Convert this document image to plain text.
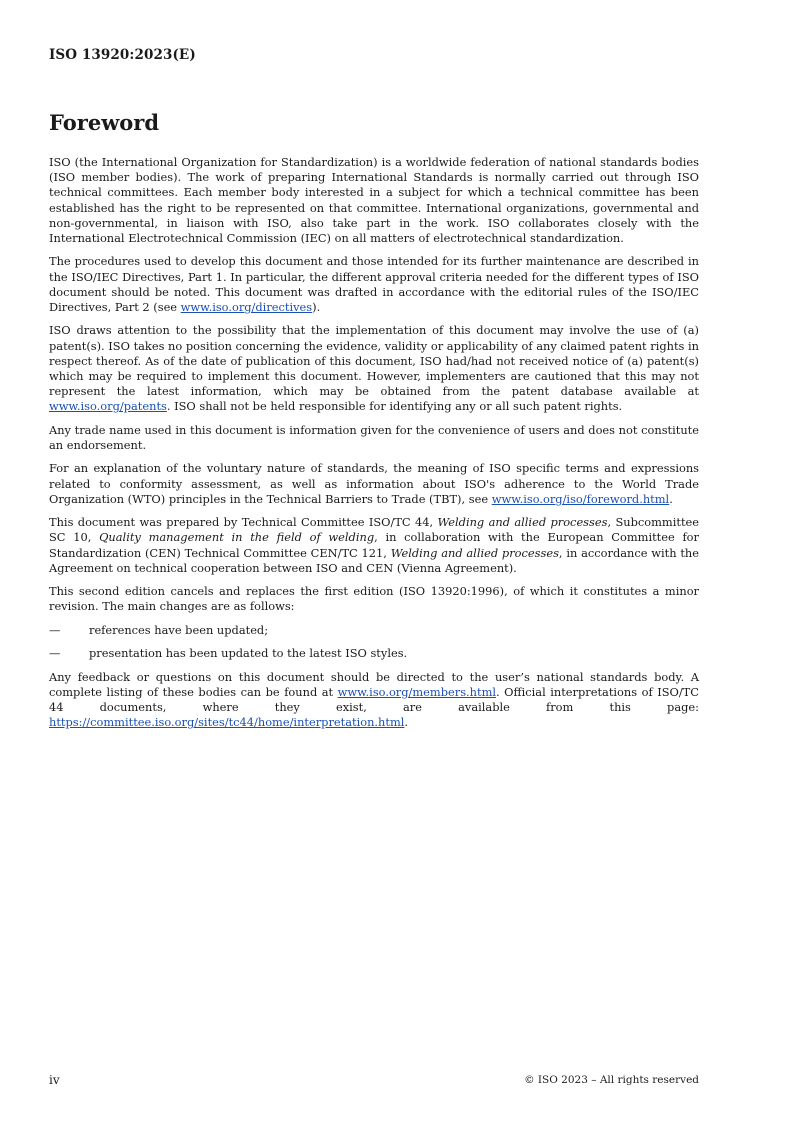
ISO 13920:2023(E)
Foreword

ISO (the International Organization for Standardization) is a worldwide federation of national standards bodies (ISO member bodies). The work of preparing International Standards is normally carried out through ISO technical committees. Each member body interested in a subject for which a technical committee has been established has the right to be represented on that committee. International organizations, governmental and non-governmental, in liaison with ISO, also take part in the work. ISO collaborates closely with the International Electrotechnical Commission (IEC) on all matters of electrotechnical standardization.

The procedures used to develop this document and those intended for its further maintenance are described in the ISO/IEC Directives, Part 1. In particular, the different approval criteria needed for the different types of ISO document should be noted. This document was drafted in accordance with the editorial rules of the ISO/IEC Directives, Part 2 (see www.iso.org/directives).

ISO draws attention to the possibility that the implementation of this document may involve the use of (a) patent(s). ISO takes no position concerning the evidence, validity or applicability of any claimed patent rights in respect thereof. As of the date of publication of this document, ISO had/had not received notice of (a) patent(s) which may be required to implement this document. However, implementers are cautioned that this may not represent the latest information, which may be obtained from the patent database available at www.iso.org/patents. ISO shall not be held responsible for identifying any or all such patent rights.

Any trade name used in this document is information given for the convenience of users and does not constitute an endorsement.

For an explanation of the voluntary nature of standards, the meaning of ISO specific terms and expressions related to conformity assessment, as well as information about ISO's adherence to the World Trade Organization (WTO) principles in the Technical Barriers to Trade (TBT), see www.iso.org/iso/foreword.html.

This document was prepared by Technical Committee ISO/TC 44, Welding and allied processes, Subcommittee SC 10, Quality management in the field of welding, in collaboration with the European Committee for Standardization (CEN) Technical Committee CEN/TC 121, Welding and allied processes, in accordance with the Agreement on technical cooperation between ISO and CEN (Vienna Agreement).

This second edition cancels and replaces the first edition (ISO 13920:1996), of which it constitutes a minor revision. The main changes are as follows:

—	references have been updated;
—	presentation has been updated to the latest ISO styles.

Any feedback or questions on this document should be directed to the user’s national standards body. A complete listing of these bodies can be found at www.iso.org/members.html. Official interpretations of ISO/TC 44 documents, where they exist, are available from this page: https://committee.iso.org/sites/tc44/home/interpretation.html.

iv	© ISO 2023 – All rights reserved
